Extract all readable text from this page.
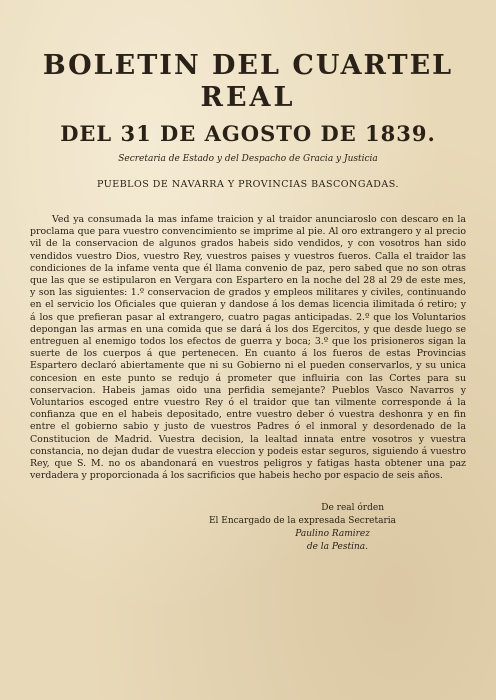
BOLETIN DEL CUARTEL
REAL
DEL 31 DE AGOSTO DE 1839.

Secretaria de Estado y del Despacho de Gracia y Justicia

PUEBLOS DE NAVARRA Y PROVINCIAS BASCONGADAS.

Ved ya consumada la mas infame traicion y al traidor anunciaroslo con descaro en la proclama que para vuestro convencimiento se imprime al pie. Al oro extrangero y al precio vil de la conservacion de algunos grados habeis sido vendidos, y con vosotros han sido vendidos vuestro Dios, vuestro Rey, vuestros paises y vuestros fueros. Calla el traidor las condiciones de la infame venta que él llama convenio de paz, pero sabed que no son otras que las que se estipularon en Vergara con Espartero en la noche del 28 al 29 de este mes, y son las siguientes: 1.º conservacion de grados y empleos militares y civiles, continuando en el servicio los Oficiales que quieran y dandose á los demas licencia ilimitada ó retiro; y á los que prefieran pasar al extrangero, cuatro pagas anticipadas. 2.º que los Voluntarios depongan las armas en una comida que se dará á los dos Egercitos, y que desde luego se entreguen al enemigo todos los efectos de guerra y boca; 3.º que los prisioneros sigan la suerte de los cuerpos á que pertenecen. En cuanto á los fueros de estas Provincias Espartero declaró abiertamente que ni su Gobierno ni el pueden conservarlos, y su unica concesion en este punto se redujo á prometer que influiria con las Cortes para su conservacion. Habeis jamas oido una perfidia semejante? Pueblos Vasco Navarros y Voluntarios escoged entre vuestro Rey ó el traidor que tan vilmente corresponde á la confianza que en el habeis depositado, entre vuestro deber ó vuestra deshonra y en fin entre el gobierno sabio y justo de vuestros Padres ó el inmoral y desordenado de la Constitucion de Madrid. Vuestra decision, la lealtad innata entre vosotros y vuestra constancia, no dejan dudar de vuestra eleccion y podeis estar seguros, siguiendo á vuestro Rey, que S. M. no os abandonará en vuestros peligros y fatigas hasta obtener una paz verdadera y proporcionada á los sacrificios que habeis hecho por espacio de seis años.

De real órden
El Encargado de la expresada Secretaria
Paulino Ramirez
de la Pestina.
